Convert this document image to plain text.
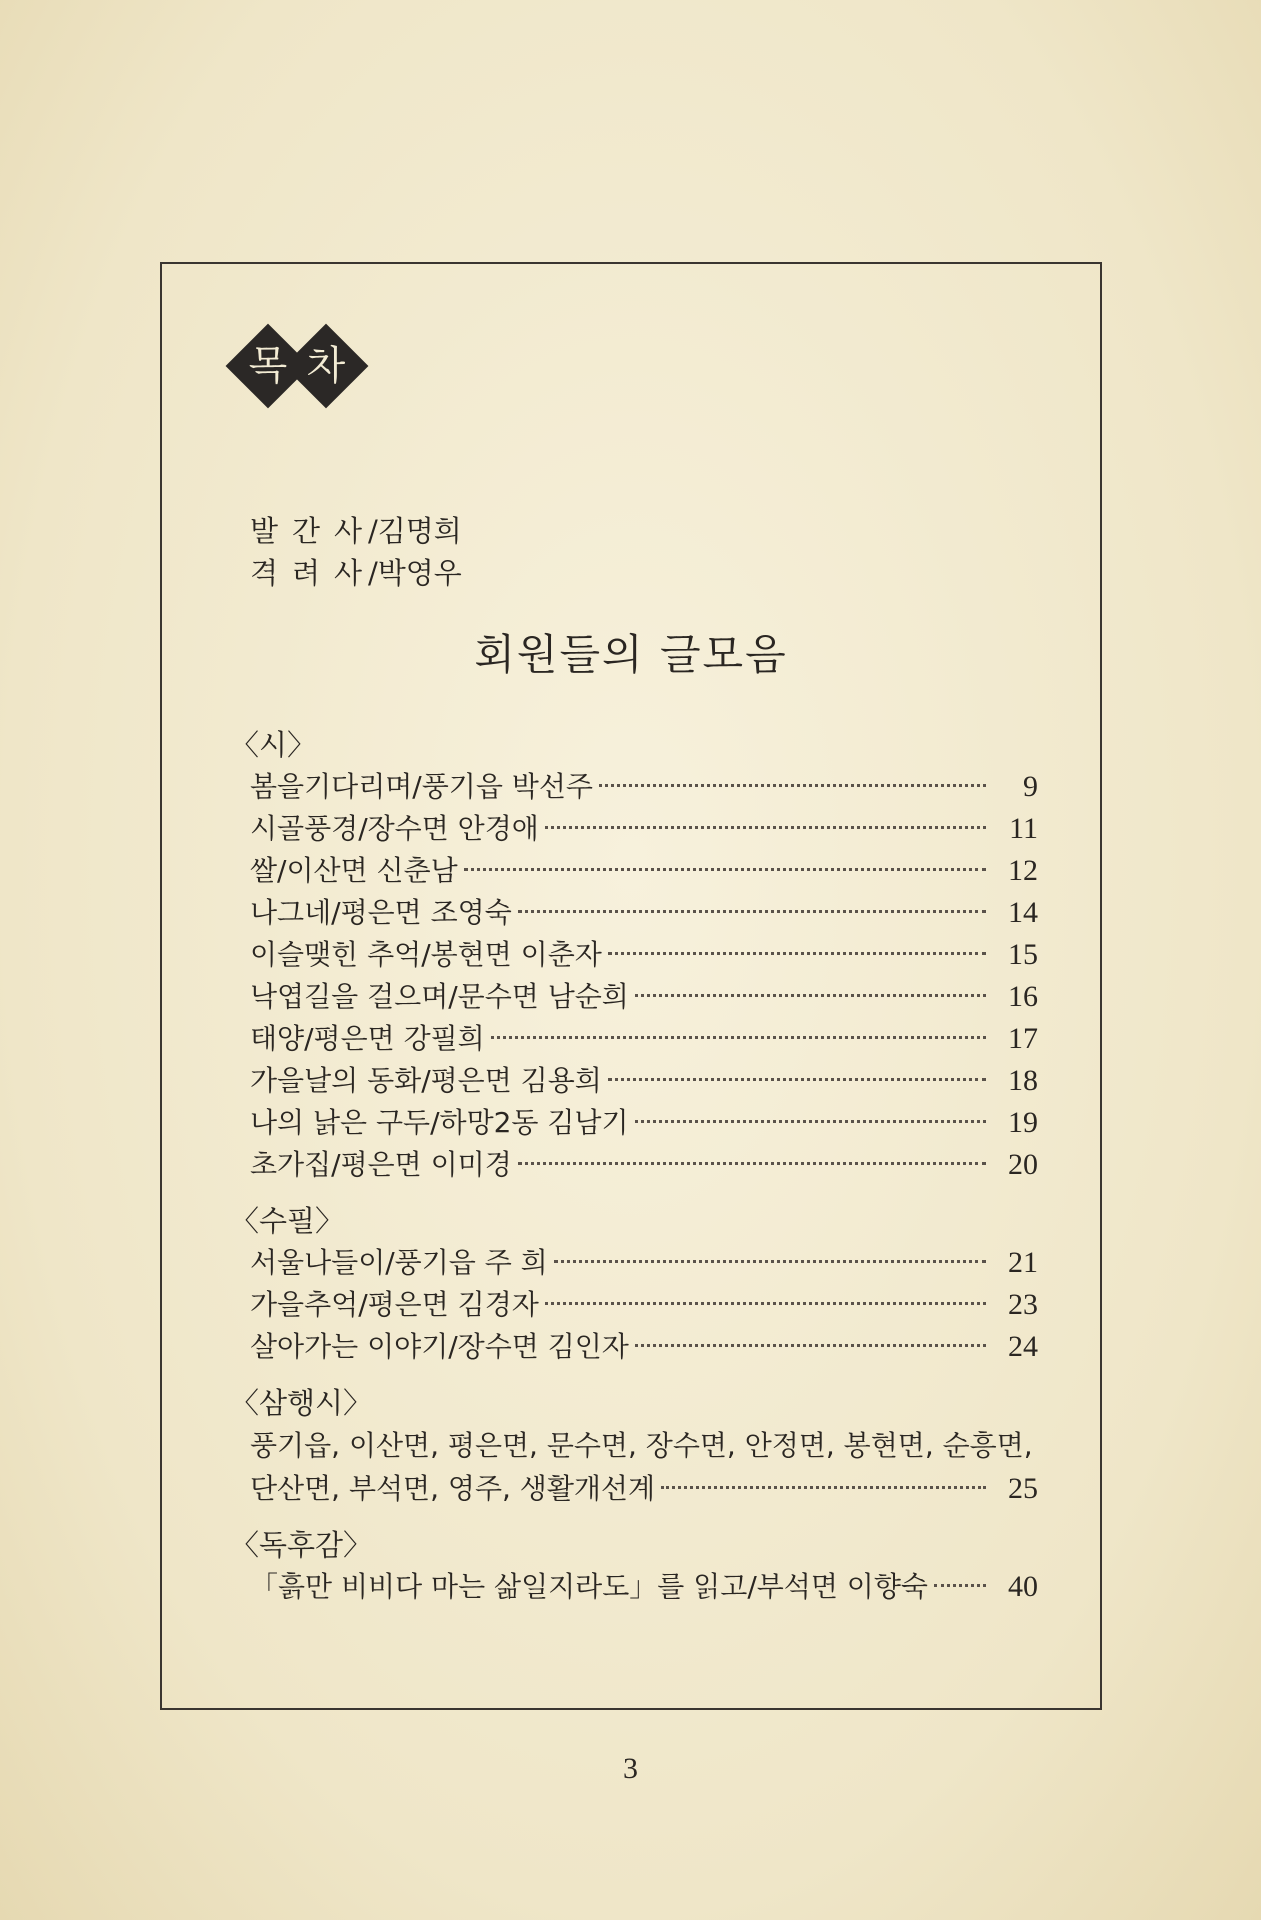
목 차
발간사/김명희
격려사/박영우
회원들의 글모음
〈시〉
봄을기다리며/풍기읍 박선주	9
시골풍경/장수면 안경애	11
쌀/이산면 신춘남	12
나그네/평은면 조영숙	14
이슬맺힌 추억/봉현면 이춘자	15
낙엽길을 걸으며/문수면 남순희	16
태양/평은면 강필희	17
가을날의 동화/평은면 김용희	18
나의 낡은 구두/하망2동 김남기	19
초가집/평은면 이미경	20
〈수필〉
서울나들이/풍기읍 주 희	21
가을추억/평은면 김경자	23
살아가는 이야기/장수면 김인자	24
〈삼행시〉
풍기읍, 이산면, 평은면, 문수면, 장수면, 안정면, 봉현면, 순흥면,
단산면, 부석면, 영주, 생활개선계	25
〈독후감〉
「흙만 비비다 마는 삶일지라도」를 읽고/부석면 이향숙	40
3
